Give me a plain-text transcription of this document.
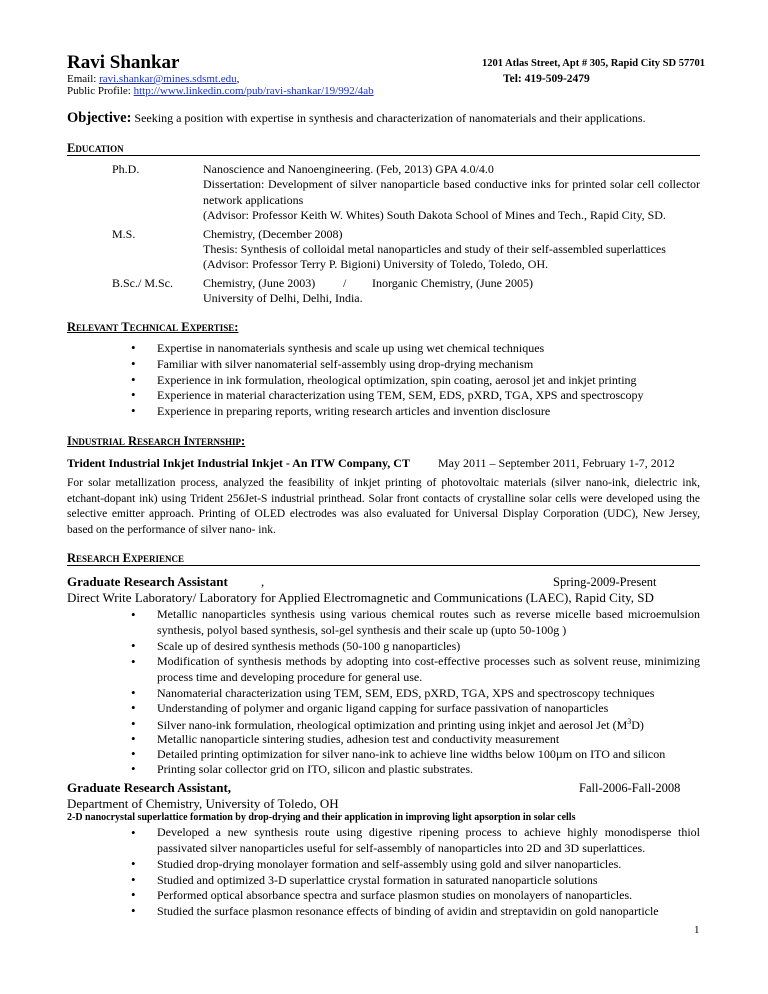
Ravi Shankar	1201 Atlas Street, Apt # 305, Rapid City SD 57701
Email: ravi.shankar@mines.sdsmt.edu,	Tel: 419-509-2479
Public Profile: http://www.linkedin.com/pub/ravi-shankar/19/992/4ab
Objective: Seeking a position with expertise in synthesis and characterization of nanomaterials and their applications.
Education
Ph.D.	Nanoscience and Nanoengineering. (Feb, 2013) GPA 4.0/4.0
Dissertation: Development of silver nanoparticle based conductive inks for printed solar cell collector network applications
(Advisor: Professor Keith W. Whites) South Dakota School of Mines and Tech., Rapid City, SD.
M.S.	Chemistry, (December 2008)
Thesis: Synthesis of colloidal metal nanoparticles and study of their self-assembled superlattices
(Advisor: Professor Terry P. Bigioni) University of Toledo, Toledo, OH.
B.Sc./ M.Sc. Chemistry, (June 2003) / Inorganic Chemistry, (June 2005)
University of Delhi, Delhi, India.
Relevant Technical Expertise:
• Expertise in nanomaterials synthesis and scale up using wet chemical techniques
• Familiar with silver nanomaterial self-assembly using drop-drying mechanism
• Experience in ink formulation, rheological optimization, spin coating, aerosol jet and inkjet printing
• Experience in material characterization using TEM, SEM, EDS, pXRD, TGA, XPS and spectroscopy
• Experience in preparing reports, writing research articles and invention disclosure
Industrial Research Internship:
Trident Industrial Inkjet Industrial Inkjet - An ITW Company, CT May 2011 – September 2011, February 1-7, 2012
For solar metallization process, analyzed the feasibility of inkjet printing of photovoltaic materials (silver nano-ink, dielectric ink, etchant-dopant ink) using Trident 256Jet-S industrial printhead. Solar front contacts of crystalline solar cells were developed using the selective emitter approach. Printing of OLED electrodes was also evaluated for Universal Display Corporation (UDC), New Jersey, based on the performance of silver nano- ink.
Research Experience
Graduate Research Assistant	,	Spring-2009-Present
Direct Write Laboratory/ Laboratory for Applied Electromagnetic and Communications (LAEC), Rapid City, SD
• Metallic nanoparticles synthesis using various chemical routes such as reverse micelle based microemulsion synthesis, polyol based synthesis, sol-gel synthesis and their scale up (upto 50-100g )
• Scale up of desired synthesis methods (50-100 g nanoparticles)
• Modification of synthesis methods by adopting into cost-effective processes such as solvent reuse, minimizing process time and developing procedure for general use.
• Nanomaterial characterization using TEM, SEM, EDS, pXRD, TGA, XPS and spectroscopy techniques
• Understanding of polymer and organic ligand capping for surface passivation of nanoparticles
• Silver nano-ink formulation, rheological optimization and printing using inkjet and aerosol Jet $(M^3D)$
• Metallic nanoparticle sintering studies, adhesion test and conductivity measurement
• Detailed printing optimization for silver nano-ink to achieve line widths below 100µm on ITO and silicon
• Printing solar collector grid on ITO, silicon and plastic substrates.
Graduate Research Assistant,	Fall-2006-Fall-2008
Department of Chemistry, University of Toledo, OH
2-D nanocrystal superlattice formation by drop-drying and their application in improving light apsorption in solar cells
• Developed a new synthesis route using digestive ripening process to achieve highly monodisperse thiol passivated silver nanoparticles useful for self-assembly of nanoparticles into 2D and 3D superlattices.
• Studied drop-drying monolayer formation and self-assembly using gold and silver nanoparticles.
• Studied and optimized 3-D superlattice crystal formation in saturated nanoparticle solutions
• Performed optical absorbance spectra and surface plasmon studies on monolayers of nanoparticles.
• Studied the surface plasmon resonance effects of binding of avidin and streptavidin on gold nanoparticle
1
